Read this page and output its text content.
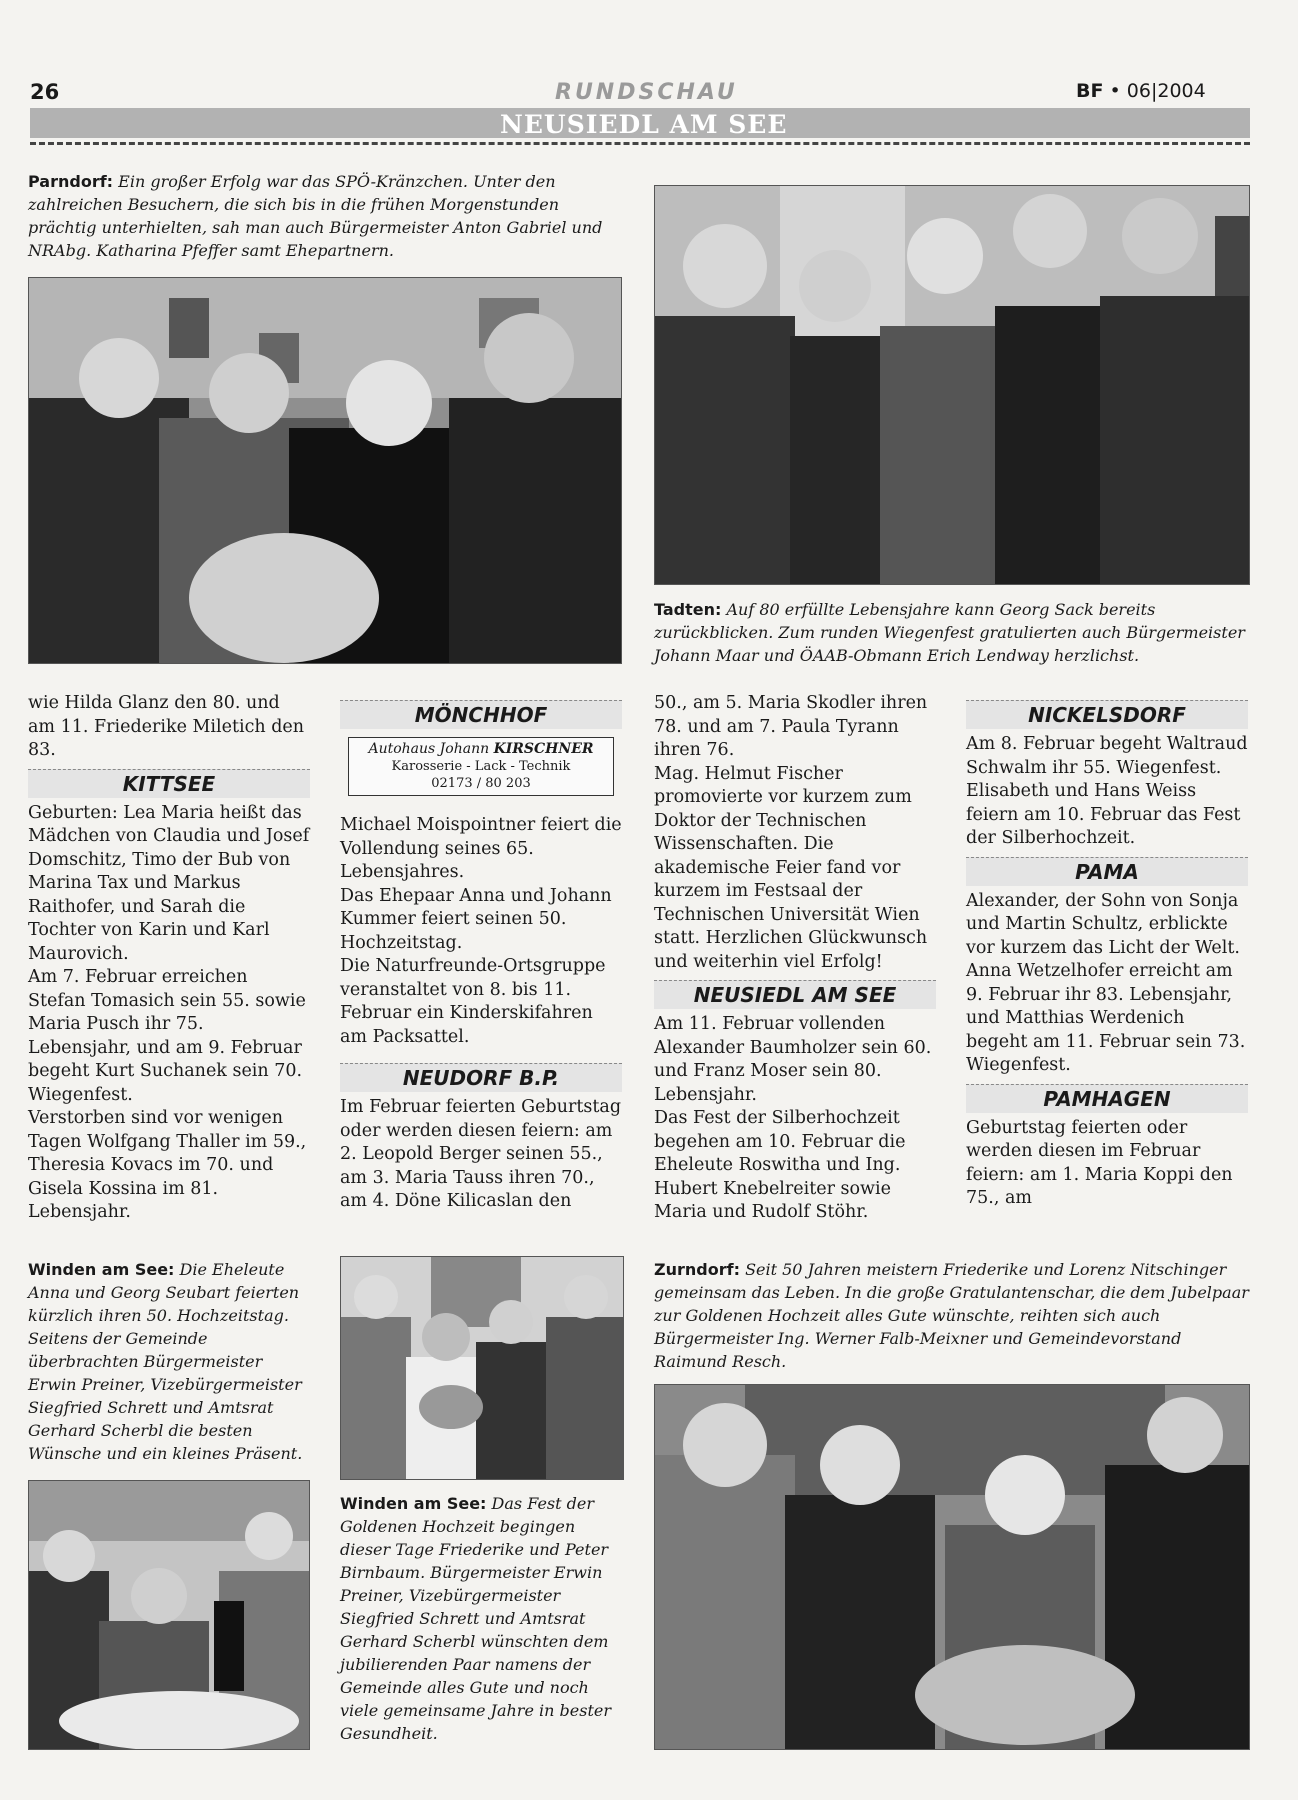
26	RUNDSCHAU	BF • 06|2004
NEUSIEDL AM SEE
Parndorf: Ein großer Erfolg war das SPÖ-Kränzchen. Unter den zahlreichen Besuchern, die sich bis in die frühen Morgenstunden prächtig unterhielten, sah man auch Bürgermeister Anton Gabriel und NRAbg. Katharina Pfeffer samt Ehepartnern.
Tadten: Auf 80 erfüllte Lebensjahre kann Georg Sack bereits zurückblicken. Zum runden Wiegenfest gratulierten auch Bürgermeister Johann Maar und ÖAAB-Obmann Erich Lendway herzlichst.

wie Hilda Glanz den 80. und am 11. Friederike Miletich den 83.

KITTSEE

Geburten: Lea Maria heißt das Mädchen von Claudia und Josef Domschitz, Timo der Bub von Marina Tax und Markus Raithofer, und Sarah die Tochter von Karin und Karl Maurovich.

Am 7. Februar erreichen Stefan Tomasich sein 55. sowie Maria Pusch ihr 75. Lebensjahr, und am 9. Februar begeht Kurt Suchanek sein 70. Wiegenfest.

Verstorben sind vor wenigen Tagen Wolfgang Thaller im 59., Theresia Kovacs im 70. und Gisela Kossina im 81. Lebensjahr.

MÖNCHHOF
Autohaus Johann KIRSCHNER
Karosserie - Lack - Technik
02173 / 80 203

Michael Moispointner feiert die Vollendung seines 65. Lebensjahres.

Das Ehepaar Anna und Johann Kummer feiert seinen 50. Hochzeitstag.

Die Naturfreunde-Ortsgruppe veranstaltet von 8. bis 11. Februar ein Kinderskifahren am Packsattel.

NEUDORF B.P.

Im Februar feierten Geburtstag oder werden diesen feiern: am 2. Leopold Berger seinen 55., am 3. Maria Tauss ihren 70., am 4. Döne Kilicaslan den

50., am 5. Maria Skodler ihren 78. und am 7. Paula Tyrann ihren 76.

Mag. Helmut Fischer promovierte vor kurzem zum Doktor der Technischen Wissenschaften. Die akademische Feier fand vor kurzem im Festsaal der Technischen Universität Wien statt. Herzlichen Glückwunsch und weiterhin viel Erfolg!

NEUSIEDL AM SEE

Am 11. Februar vollenden Alexander Baumholzer sein 60. und Franz Moser sein 80. Lebensjahr.

Das Fest der Silberhochzeit begehen am 10. Februar die Eheleute Roswitha und Ing. Hubert Knebelreiter sowie Maria und Rudolf Stöhr.

NICKELSDORF

Am 8. Februar begeht Waltraud Schwalm ihr 55. Wiegenfest.

Elisabeth und Hans Weiss feiern am 10. Februar das Fest der Silberhochzeit.

PAMA

Alexander, der Sohn von Sonja und Martin Schultz, erblickte vor kurzem das Licht der Welt.

Anna Wetzelhofer erreicht am 9. Februar ihr 83. Lebensjahr, und Matthias Werdenich begeht am 11. Februar sein 73. Wiegenfest.

PAMHAGEN

Geburtstag feierten oder werden diesen im Februar feiern: am 1. Maria Koppi den 75., am

Winden am See: Die Eheleute Anna und Georg Seubart feierten kürzlich ihren 50. Hochzeitstag. Seitens der Gemeinde überbrachten Bürgermeister Erwin Preiner, Vizebürgermeister Siegfried Schrett und Amtsrat Gerhard Scherbl die besten Wünsche und ein kleines Präsent.
Winden am See: Das Fest der Goldenen Hochzeit begingen dieser Tage Friederike und Peter Birnbaum. Bürgermeister Erwin Preiner, Vizebürgermeister Siegfried Schrett und Amtsrat Gerhard Scherbl wünschten dem jubilierenden Paar namens der Gemeinde alles Gute und noch viele gemeinsame Jahre in bester Gesundheit.
Zurndorf: Seit 50 Jahren meistern Friederike und Lorenz Nitschinger gemeinsam das Leben. In die große Gratulantenschar, die dem Jubelpaar zur Goldenen Hochzeit alles Gute wünschte, reihten sich auch Bürgermeister Ing. Werner Falb-Meixner und Gemeindevorstand Raimund Resch.
